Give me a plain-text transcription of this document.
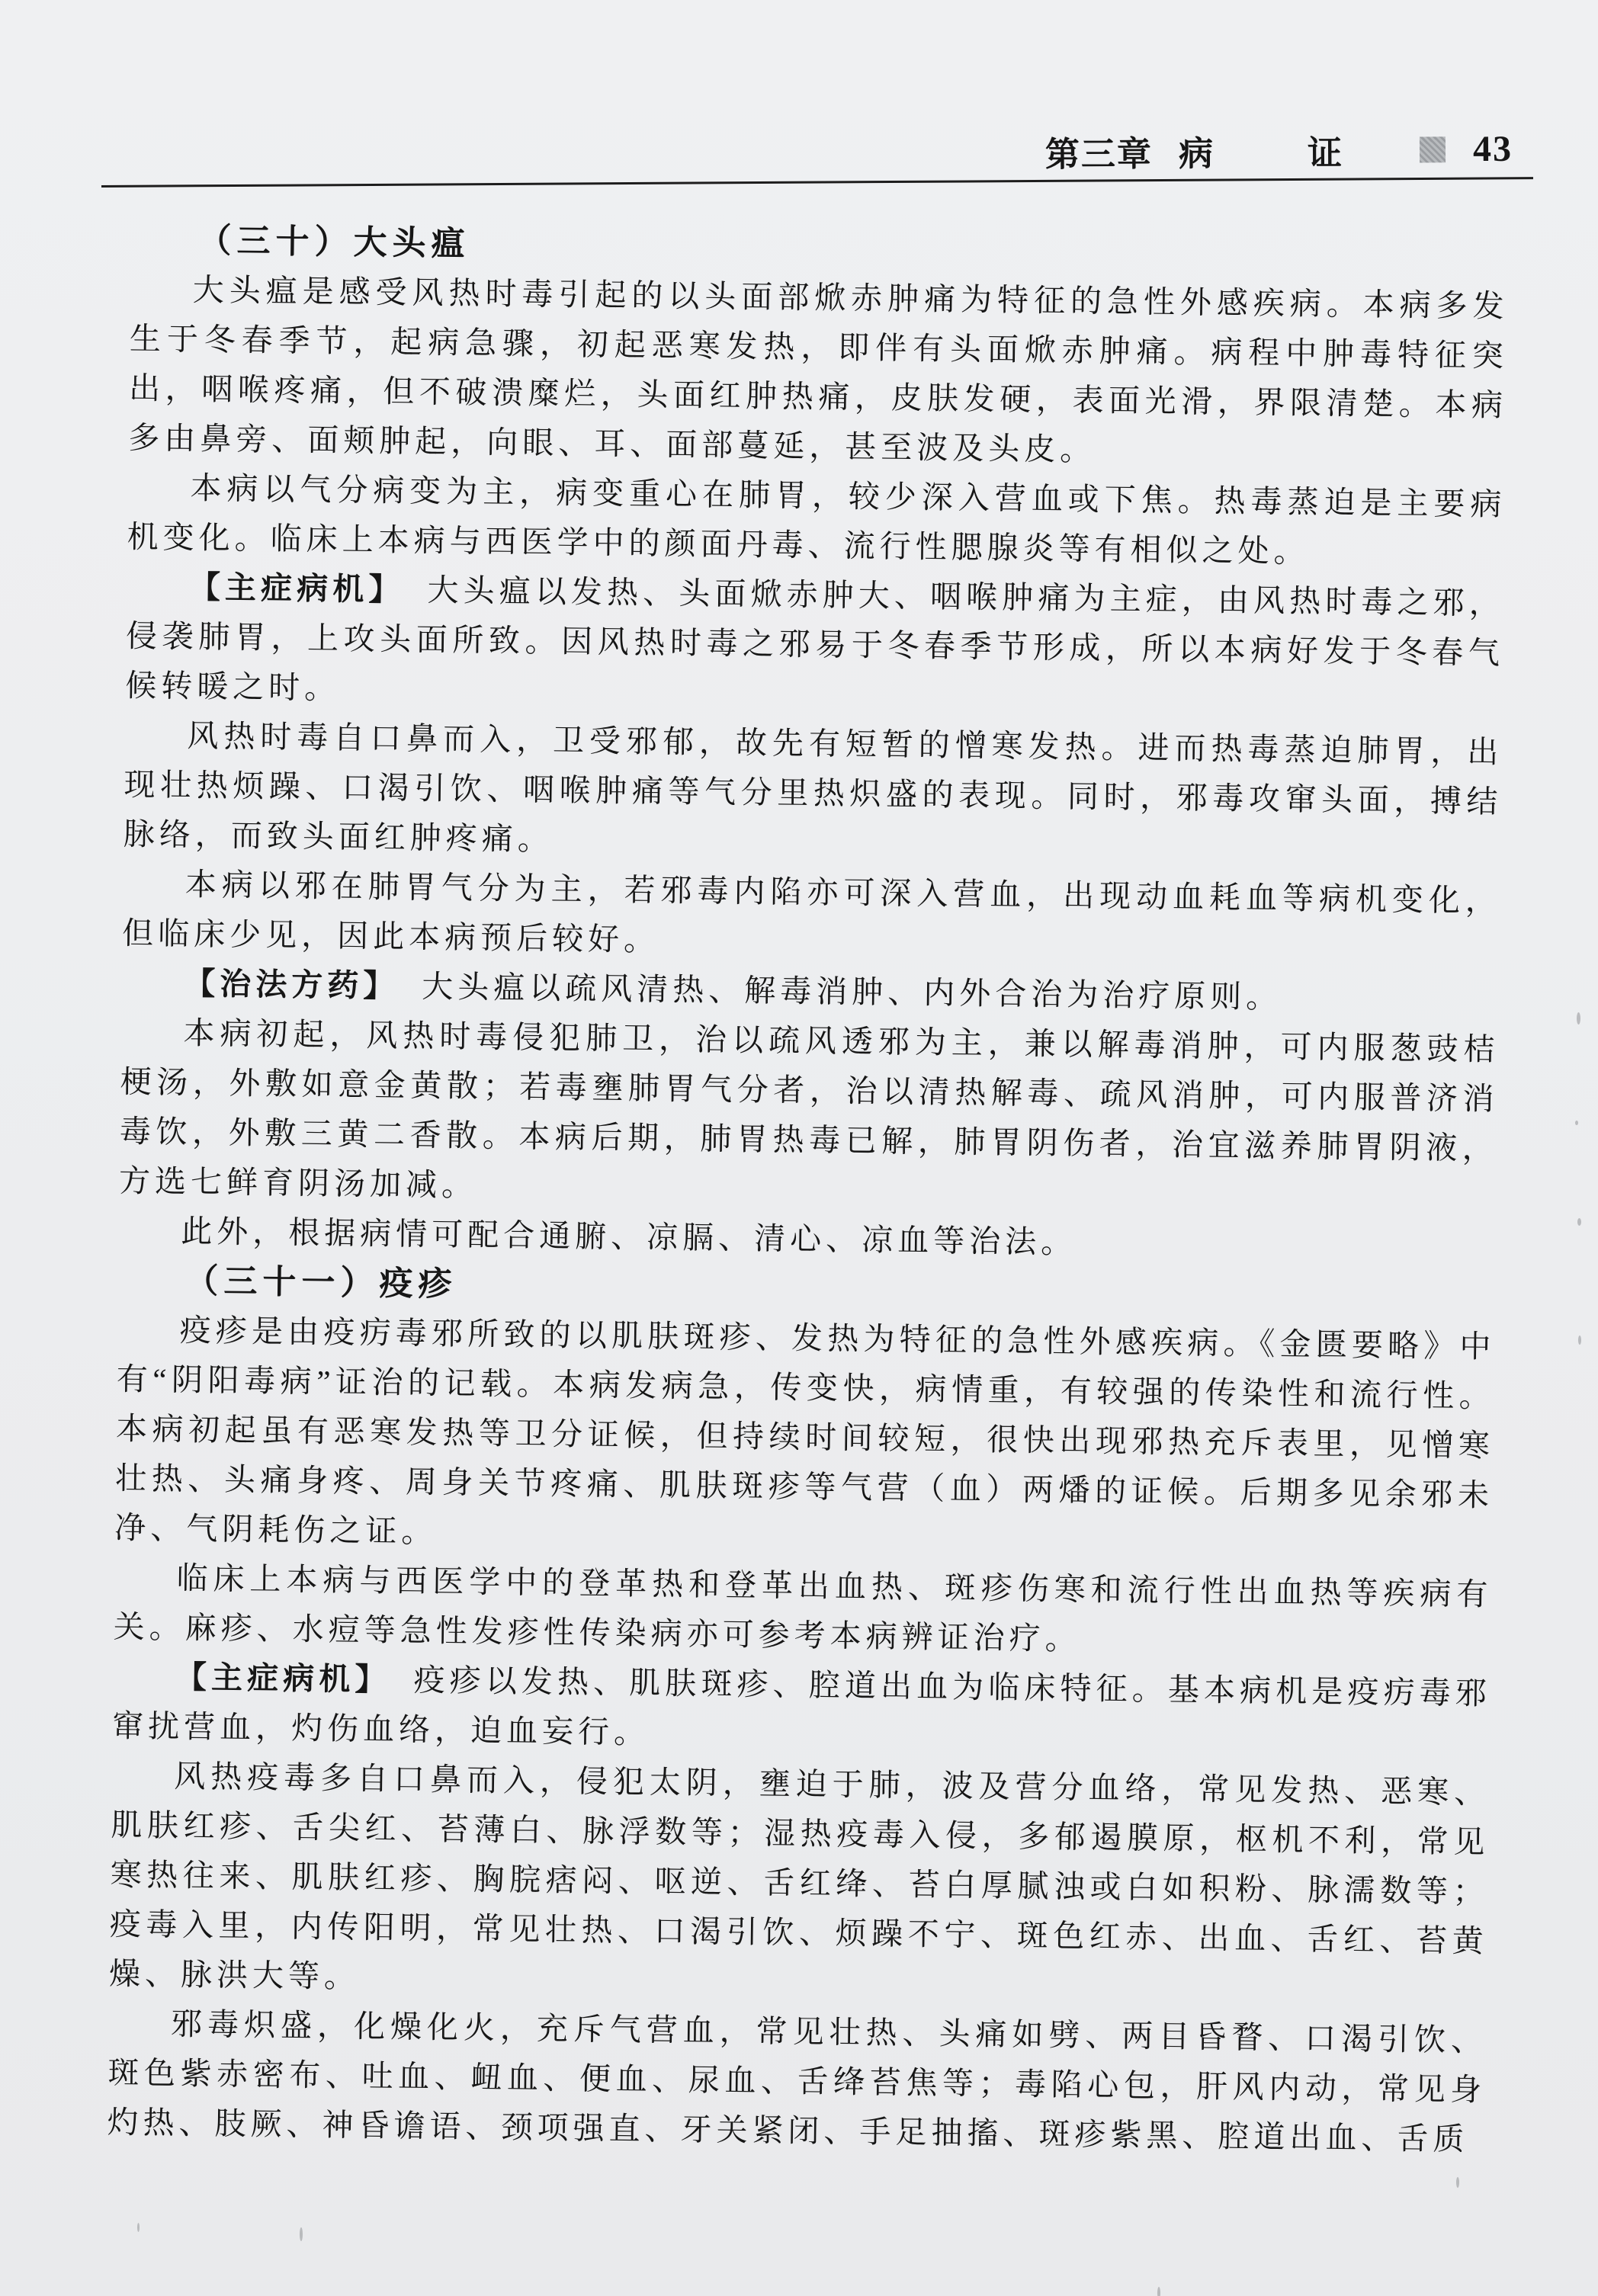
第三章 病	证	43
（三十）大头瘟

大头瘟是感受风热时毒引起的以头面部焮赤肿痛为特征的急性外感疾病。本病多发生于冬春季节，起病急骤，初起恶寒发热，即伴有头面焮赤肿痛。病程中肿毒特征突出，咽喉疼痛，但不破溃糜烂，头面红肿热痛，皮肤发硬，表面光滑，界限清楚。本病多由鼻旁、面颊肿起，向眼、耳、面部蔓延，甚至波及头皮。

本病以气分病变为主，病变重心在肺胃，较少深入营血或下焦。热毒蒸迫是主要病机变化。临床上本病与西医学中的颜面丹毒、流行性腮腺炎等有相似之处。

【主症病机】 大头瘟以发热、头面焮赤肿大、咽喉肿痛为主症，由风热时毒之邪，侵袭肺胃，上攻头面所致。因风热时毒之邪易于冬春季节形成，所以本病好发于冬春气候转暖之时。

风热时毒自口鼻而入，卫受邪郁，故先有短暂的憎寒发热。进而热毒蒸迫肺胃，出现壮热烦躁、口渴引饮、咽喉肿痛等气分里热炽盛的表现。同时，邪毒攻窜头面，搏结脉络，而致头面红肿疼痛。

本病以邪在肺胃气分为主，若邪毒内陷亦可深入营血，出现动血耗血等病机变化，但临床少见，因此本病预后较好。

【治法方药】 大头瘟以疏风清热、解毒消肿、内外合治为治疗原则。

本病初起，风热时毒侵犯肺卫，治以疏风透邪为主，兼以解毒消肿，可内服葱豉桔梗汤，外敷如意金黄散；若毒壅肺胃气分者，治以清热解毒、疏风消肿，可内服普济消毒饮，外敷三黄二香散。本病后期，肺胃热毒已解，肺胃阴伤者，治宜滋养肺胃阴液，方选七鲜育阴汤加减。

此外，根据病情可配合通腑、凉膈、清心、凉血等治法。

（三十一）疫疹

疫疹是由疫疠毒邪所致的以肌肤斑疹、发热为特征的急性外感疾病。《金匮要略》中有“阴阳毒病”证治的记载。本病发病急，传变快，病情重，有较强的传染性和流行性。本病初起虽有恶寒发热等卫分证候，但持续时间较短，很快出现邪热充斥表里，见憎寒壮热、头痛身疼、周身关节疼痛、肌肤斑疹等气营（血）两燔的证候。后期多见余邪未净、气阴耗伤之证。

临床上本病与西医学中的登革热和登革出血热、斑疹伤寒和流行性出血热等疾病有关。麻疹、水痘等急性发疹性传染病亦可参考本病辨证治疗。

【主症病机】 疫疹以发热、肌肤斑疹、腔道出血为临床特征。基本病机是疫疠毒邪窜扰营血，灼伤血络，迫血妄行。

风热疫毒多自口鼻而入，侵犯太阴，壅迫于肺，波及营分血络，常见发热、恶寒、肌肤红疹、舌尖红、苔薄白、脉浮数等；湿热疫毒入侵，多郁遏膜原，枢机不利，常见寒热往来、肌肤红疹、胸脘痞闷、呕逆、舌红绛、苔白厚腻浊或白如积粉、脉濡数等；疫毒入里，内传阳明，常见壮热、口渴引饮、烦躁不宁、斑色红赤、出血、舌红、苔黄燥、脉洪大等。

邪毒炽盛，化燥化火，充斥气营血，常见壮热、头痛如劈、两目昏瞀、口渴引饮、斑色紫赤密布、吐血、衄血、便血、尿血、舌绛苔焦等；毒陷心包，肝风内动，常见身灼热、肢厥、神昏谵语、颈项强直、牙关紧闭、手足抽搐、斑疹紫黑、腔道出血、舌质
